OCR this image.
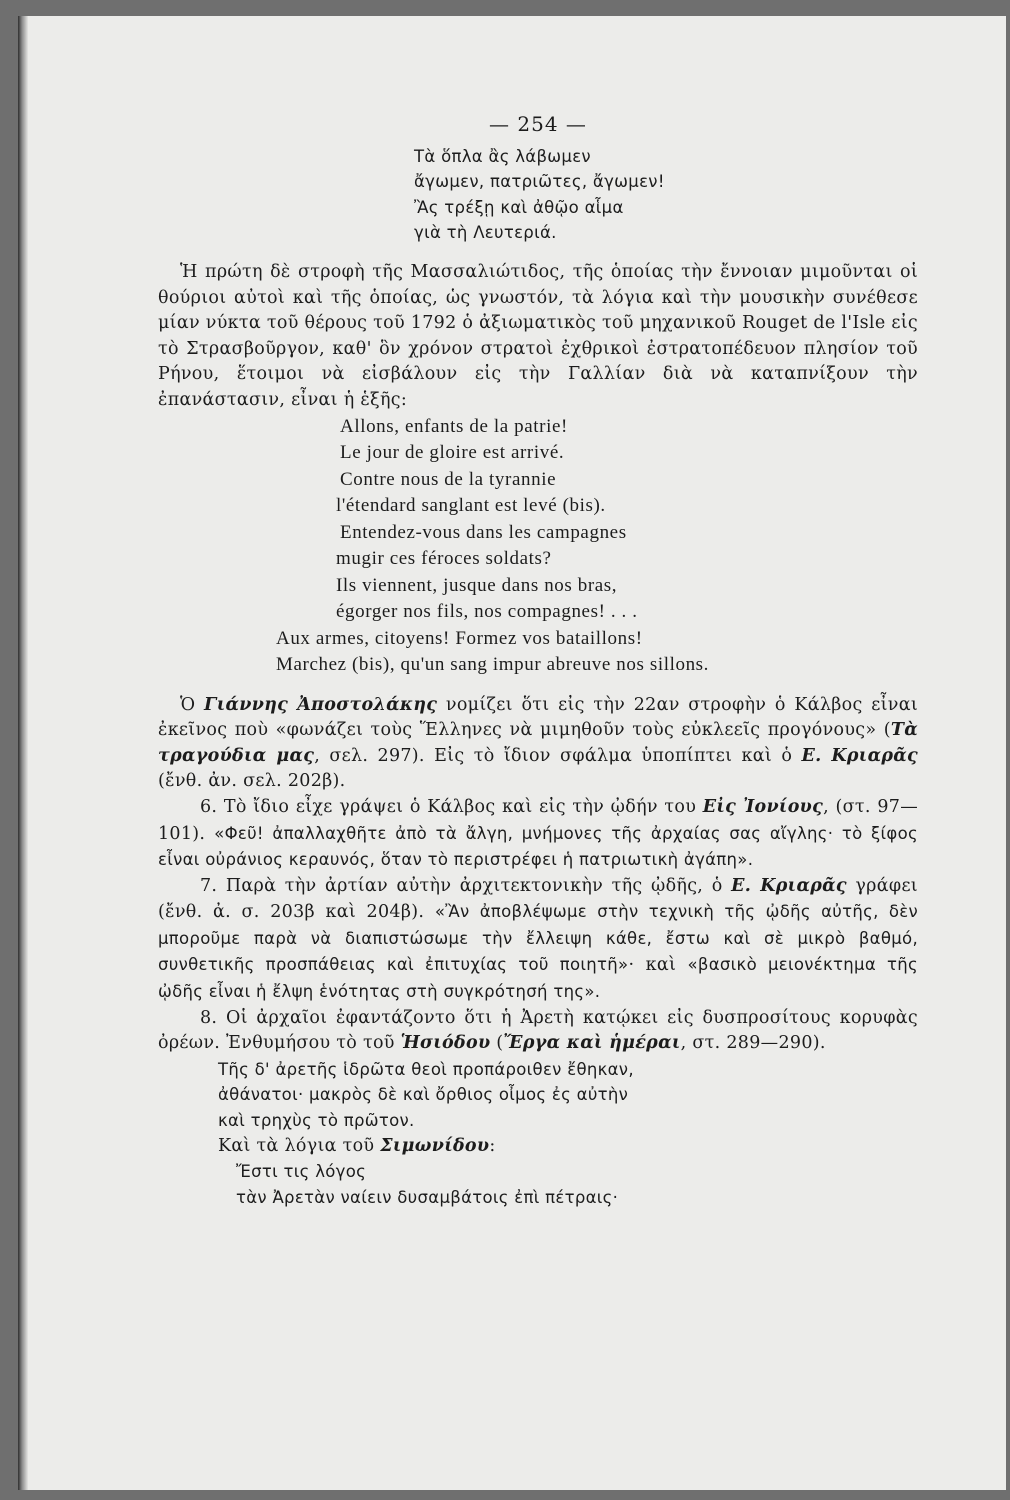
— 254 —
Τὰ ὅπλα ἂς λάβωμεν
ἄγωμεν, πατριῶτες, ἄγωμεν!
Ἂς τρέξῃ καὶ ἀθῷο αἷμα
γιὰ τὴ Λευτεριά.

Ἡ πρώτη δὲ στροφὴ τῆς Μασσαλιώτιδος, τῆς ὁποίας τὴν ἔννοιαν μιμοῦνται οἱ θούριοι αὐτοὶ καὶ τῆς ὁποίας, ὡς γνωστόν, τὰ λόγια καὶ τὴν μουσικὴν συνέθεσε μίαν νύκτα τοῦ θέρους τοῦ 1792 ὁ ἀξιωματικὸς τοῦ μηχανικοῦ Rouget de l'Isle εἰς τὸ Στρασβοῦργον, καθ' ὃν χρόνον στρατοὶ ἐχθρικοὶ ἐστρατοπέδευον πλησίον τοῦ Ρήνου, ἕτοιμοι νὰ εἰσβάλουν εἰς τὴν Γαλλίαν διὰ νὰ καταπνίξουν τὴν ἐπανάστασιν, εἶναι ἡ ἑξῆς:

Allons, enfants de la patrie!
Le jour de gloire est arrivé.
Contre nous de la tyrannie
l'étendard sanglant est levé (bis).
Entendez-vous dans les campagnes
mugir ces féroces soldats?
Ils viennent, jusque dans nos bras,
égorger nos fils, nos compagnes! . . .
Aux armes, citoyens! Formez vos bataillons!
Marchez (bis), qu'un sang impur abreuve nos sillons.

Ὁ Γιάννης Ἀποστολάκης νομίζει ὅτι εἰς τὴν 22αν στροφὴν ὁ Κάλβος εἶναι ἐκεῖνος ποὺ «φωνάζει τοὺς Ἕλληνες νὰ μιμηθοῦν τοὺς εὐκλεεῖς προγόνους» (Τὰ τραγούδια μας, σελ. 297). Εἰς τὸ ἴδιον σφάλμα ὑποπίπτει καὶ ὁ Ε. Κριαρᾶς (ἔνθ. ἀν. σελ. 202β).

6. Τὸ ἴδιο εἶχε γράψει ὁ Κάλβος καὶ εἰς τὴν ᾠδήν του Εἰς Ἰονίους, (στ. 97—101). «Φεῦ! ἀπαλλαχθῆτε ἀπὸ τὰ ἄλγη, μνήμονες τῆς ἀρχαίας σας αἴγλης· τὸ ξίφος εἶναι οὐράνιος κεραυνός, ὅταν τὸ περιστρέφει ἡ πατριωτικὴ ἀγάπη».

7. Παρὰ τὴν ἀρτίαν αὐτὴν ἀρχιτεκτονικὴν τῆς ᾠδῆς, ὁ Ε. Κριαρᾶς γράφει (ἔνθ. ἀ. σ. 203β καὶ 204β). «Ἂν ἀποβλέψωμε στὴν τεχνικὴ τῆς ᾠδῆς αὐτῆς, δὲν μποροῦμε παρὰ νὰ διαπιστώσωμε τὴν ἔλλειψη κάθε, ἔστω καὶ σὲ μικρὸ βαθμό, συνθετικῆς προσπάθειας καὶ ἐπιτυχίας τοῦ ποιητῆ»· καὶ «βασικὸ μειονέκτημα τῆς ᾠδῆς εἶναι ἡ ἔλψη ἑνότητας στὴ συγκρότησή της».

8. Οἱ ἀρχαῖοι ἐφαντάζοντο ὅτι ἡ Ἀρετὴ κατῴκει εἰς δυσπροσίτους κορυφὰς ὀρέων. Ἐνθυμήσου τὸ τοῦ Ἡσιόδου (Ἔργα καὶ ἡμέραι, στ. 289—290).

Τῆς δ' ἀρετῆς ἱδρῶτα θεοὶ προπάροιθεν ἔθηκαν,
ἀθάνατοι· μακρὸς δὲ καὶ ὄρθιος οἶμος ἐς αὐτὴν
καὶ τρηχὺς τὸ πρῶτον.
Καὶ τὰ λόγια τοῦ Σιμωνίδου:
Ἔστι τις λόγος
τὰν Ἀρετὰν ναίειν δυσαμβάτοις ἐπὶ πέτραις·
